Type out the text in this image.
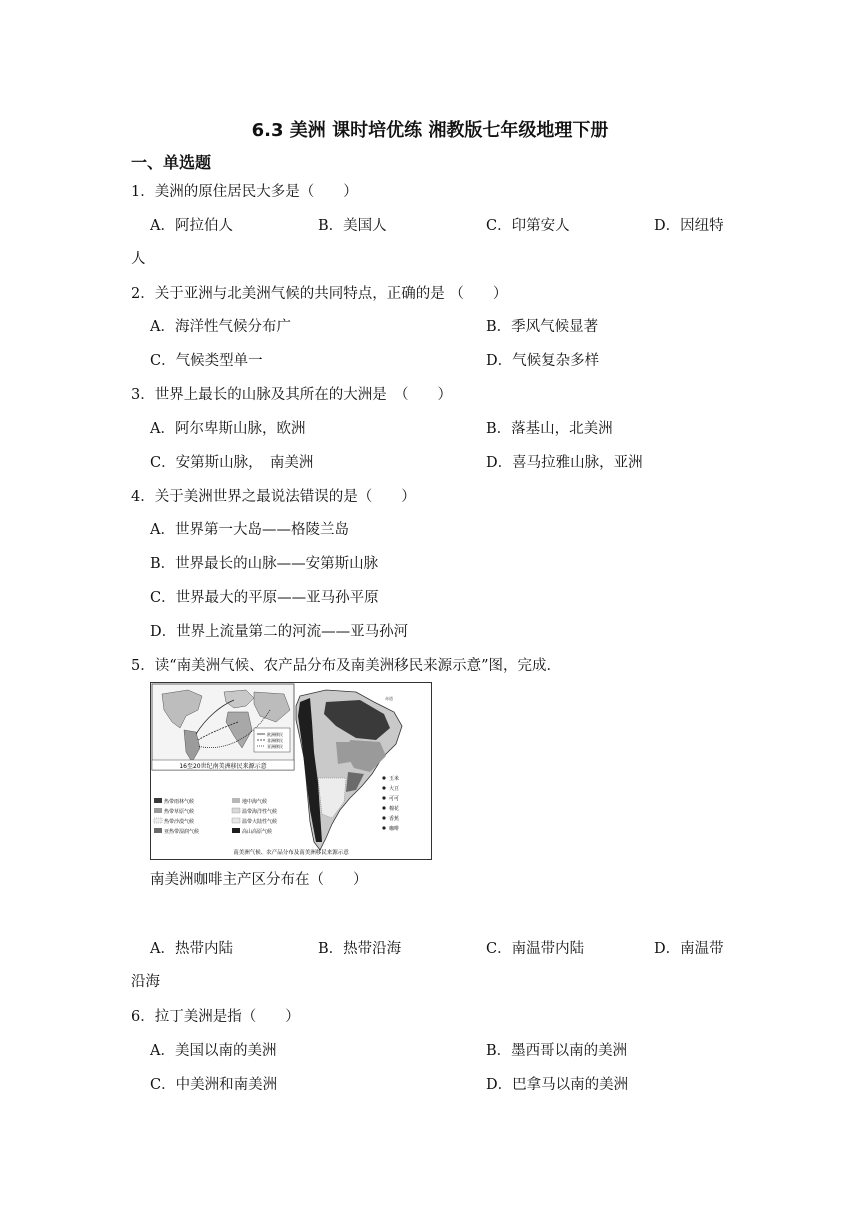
6.3 美洲 课时培优练 湘教版七年级地理下册
一、单选题
1．美洲的原住居民大多是（　　）
A．阿拉伯人	B．美国人	C．印第安人	D．因纽特
人
2．关于亚洲与北美洲气候的共同特点，正确的是 （　　）
A．海洋性气候分布广	B．季风气候显著
C．气候类型单一	D．气候复杂多样
3．世界上最长的山脉及其所在的大洲是　（　　）
A．阿尔卑斯山脉，欧洲	B．落基山，北美洲
C．安第斯山脉，　南美洲	D．喜马拉雅山脉，亚洲
4．关于美洲世界之最说法错误的是（　　）
A．世界第一大岛——格陵兰岛
B．世界最长的山脉——安第斯山脉
C．世界最大的平原——亚马孙平原
D．世界上流量第二的河流——亚马孙河
5．读“南美洲气候、农产品分布及南美洲移民来源示意”图，完成．
欧洲移民
非洲移民
亚洲移民
16至20世纪南美洲移民来源示意
赤道
玉米
大豆
可可
棉花
香蕉
咖啡
热带雨林气候
热带草原气候
热带沙漠气候
亚热带湿润气候
地中海气候
温带海洋性气候
温带大陆性气候
高山高原气候
南美洲气候、农产品分布及南美洲移民来源示意
南美洲咖啡主产区分布在（　　）
A．热带内陆	B．热带沿海	C．南温带内陆	D．南温带
沿海
6．拉丁美洲是指（　　）
A．美国以南的美洲	B．墨西哥以南的美洲
C．中美洲和南美洲	D．巴拿马以南的美洲
